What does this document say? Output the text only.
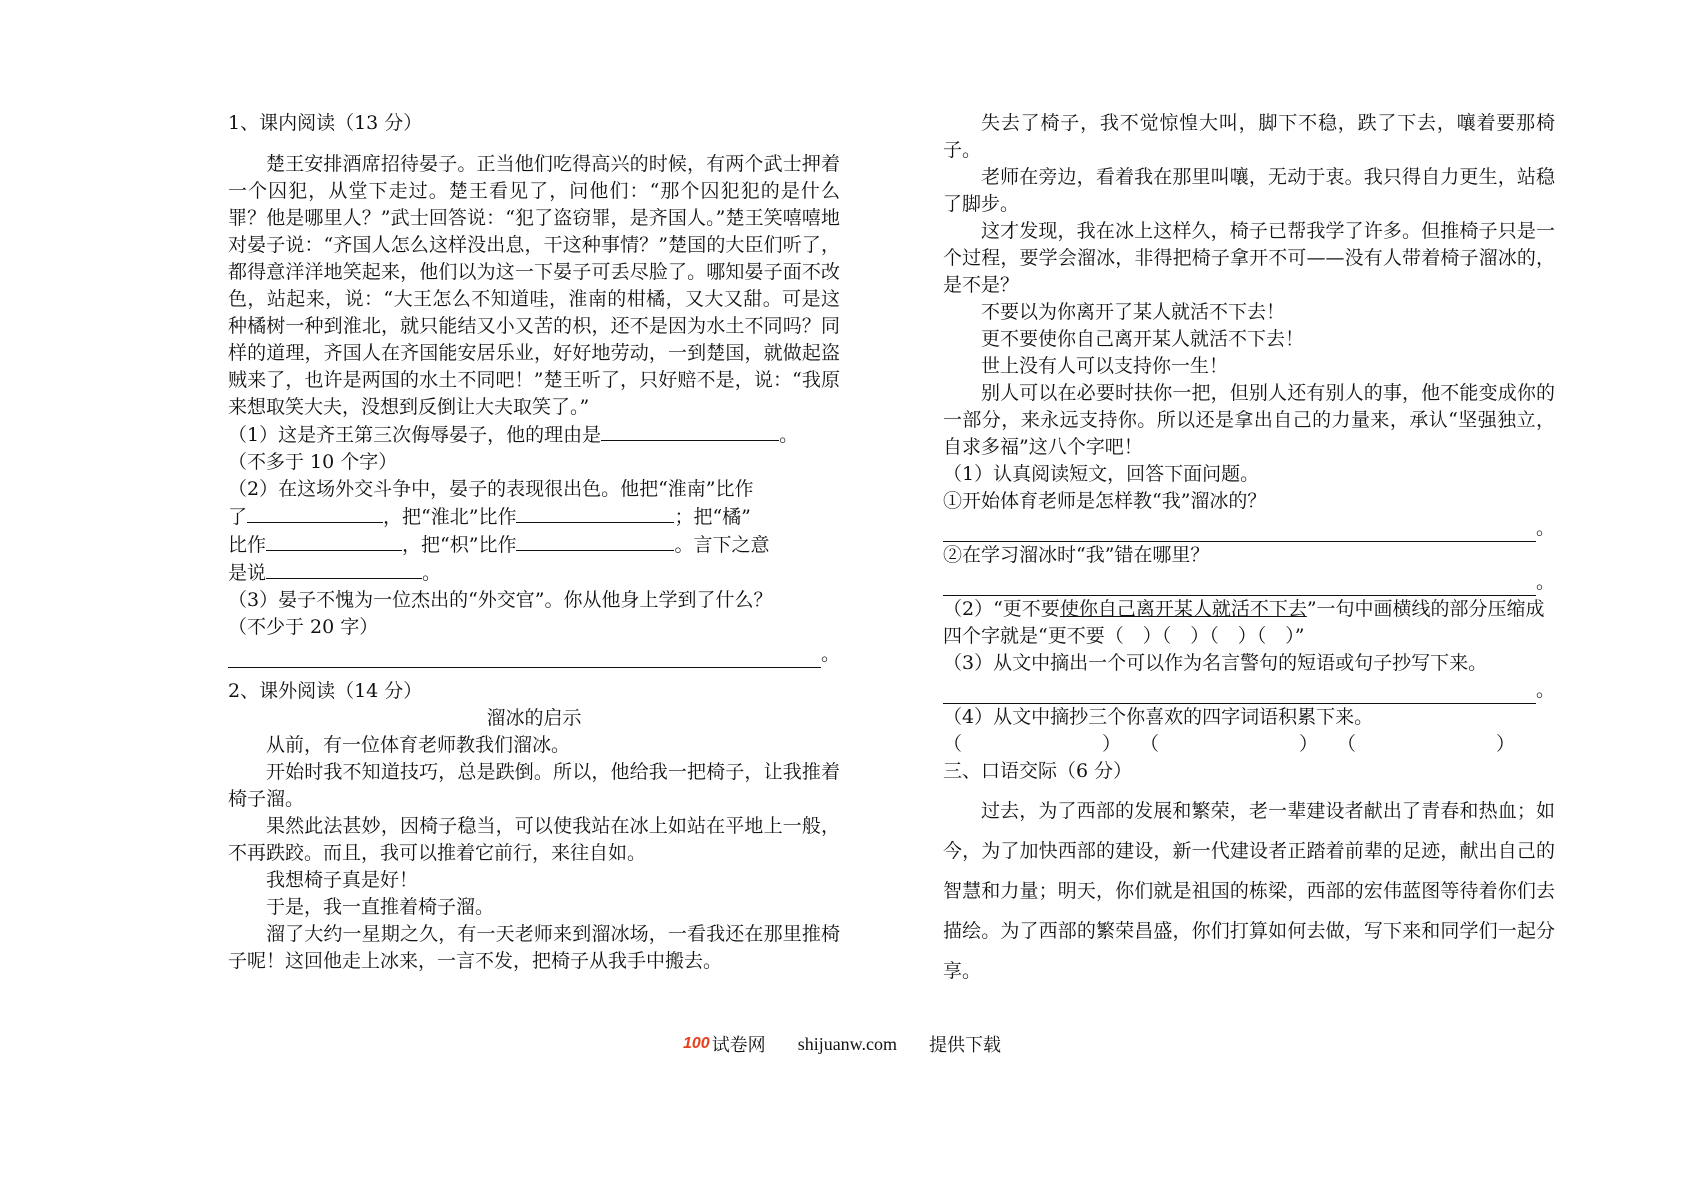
1、课内阅读（13 分）

楚王安排酒席招待晏子。正当他们吃得高兴的时候，有两个武士押着一个囚犯，从堂下走过。楚王看见了，问他们：“那个囚犯犯的是什么罪？他是哪里人？”武士回答说：“犯了盗窃罪，是齐国人。”楚王笑嘻嘻地对晏子说：“齐国人怎么这样没出息，干这种事情？”楚国的大臣们听了，都得意洋洋地笑起来，他们以为这一下晏子可丢尽脸了。哪知晏子面不改色，站起来，说：“大王怎么不知道哇，淮南的柑橘，又大又甜。可是这种橘树一种到淮北，就只能结又小又苦的枳，还不是因为水土不同吗？同样的道理，齐国人在齐国能安居乐业，好好地劳动，一到楚国，就做起盗贼来了，也许是两国的水土不同吧！”楚王听了，只好赔不是，说：“我原来想取笑大夫，没想到反倒让大夫取笑了。”

（1）这是齐王第三次侮辱晏子，他的理由是	。

（不多于 10 个字）

（2）在这场外交斗争中，晏子的表现很出色。他把“淮南”比作

了	，把“淮北”比作	；把“橘”

比作	，把“枳”比作	。言下之意

是说	。

（3）晏子不愧为一位杰出的“外交官”。你从他身上学到了什么？

（不少于 20 字）

。

2、课外阅读（14 分）

溜冰的启示

从前，有一位体育老师教我们溜冰。

开始时我不知道技巧，总是跌倒。所以，他给我一把椅子，让我推着椅子溜。

果然此法甚妙，因椅子稳当，可以使我站在冰上如站在平地上一般，不再跌跤。而且，我可以推着它前行，来往自如。

我想椅子真是好！

于是，我一直推着椅子溜。

溜了大约一星期之久，有一天老师来到溜冰场，一看我还在那里推椅子呢！这回他走上冰来，一言不发，把椅子从我手中搬去。

失去了椅子，我不觉惊惶大叫，脚下不稳，跌了下去，嚷着要那椅子。

老师在旁边，看着我在那里叫嚷，无动于衷。我只得自力更生，站稳了脚步。

这才发现，我在冰上这样久，椅子已帮我学了许多。但推椅子只是一个过程，要学会溜冰，非得把椅子拿开不可——没有人带着椅子溜冰的，是不是？

不要以为你离开了某人就活不下去！

更不要使你自己离开某人就活不下去！

世上没有人可以支持你一生！

别人可以在必要时扶你一把，但别人还有别人的事，他不能变成你的一部分，来永远支持你。所以还是拿出自己的力量来，承认“坚强独立，自求多福”这八个字吧！

（1）认真阅读短文，回答下面问题。

①开始体育老师是怎样教“我”溜冰的？

。

②在学习溜冰时“我”错在哪里？

。

（2）“更不要使你自己离开某人就活不下去”一句中画横线的部分压缩成四个字就是“更不要（　）（　）（　）（　）”

（3）从文中摘出一个可以作为名言警句的短语或句子抄写下来。

。

（4）从文中摘抄三个你喜欢的四字词语积累下来。

（	） （	） （	）

三、口语交际（6 分）

过去，为了西部的发展和繁荣，老一辈建设者献出了青春和热血；如今，为了加快西部的建设，新一代建设者正踏着前辈的足迹，献出自己的智慧和力量；明天，你们就是祖国的栋梁，西部的宏伟蓝图等待着你们去描绘。为了西部的繁荣昌盛，你们打算如何去做，写下来和同学们一起分享。

100 试卷网 shijuanw.com 提供下载
